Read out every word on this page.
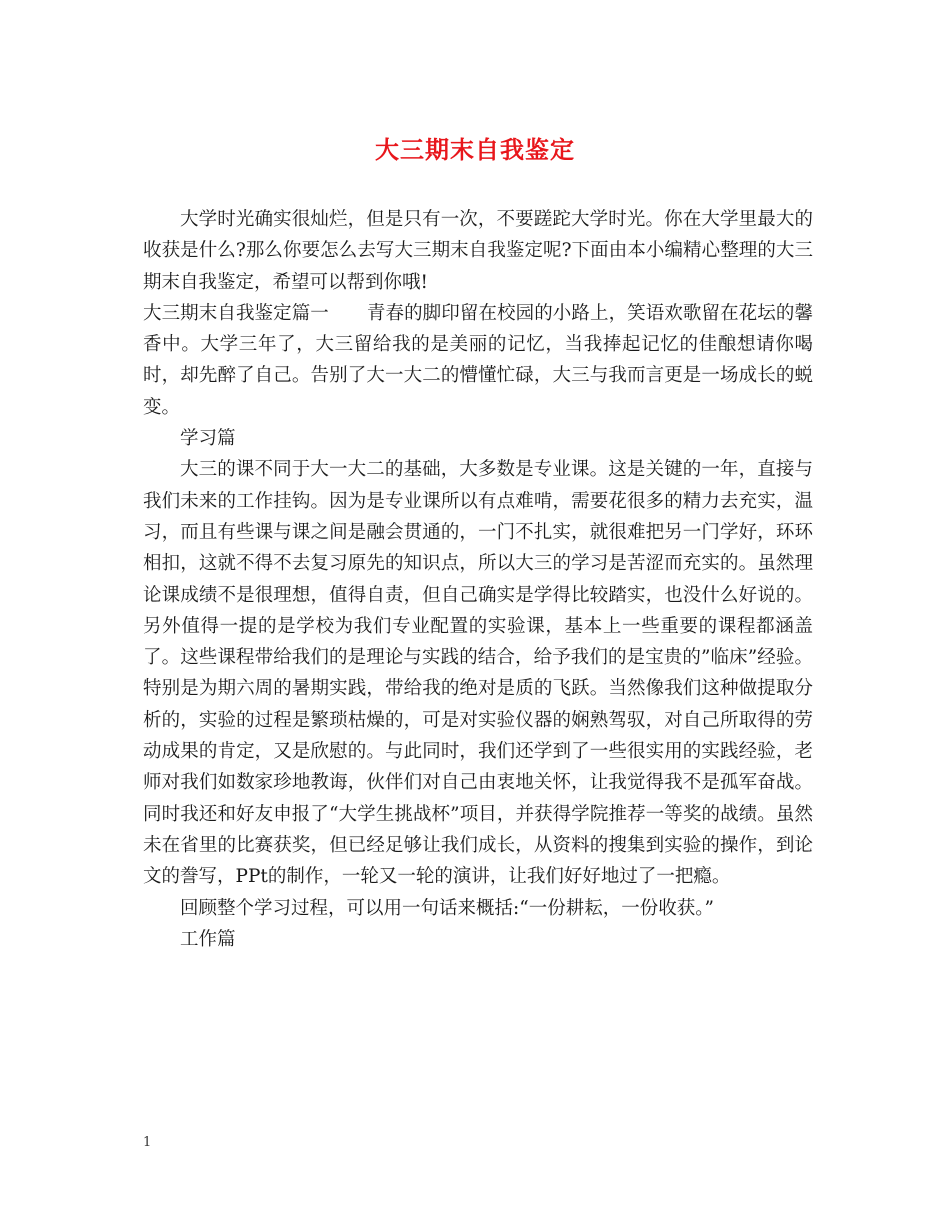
大三期末自我鉴定

大学时光确实很灿烂，但是只有一次，不要蹉跎大学时光。你在大学里最大的收获是什么?那么你要怎么去写大三期末自我鉴定呢?下面由本小编精心整理的大三期末自我鉴定，希望可以帮到你哦!

大三期末自我鉴定篇一 青春的脚印留在校园的小路上，笑语欢歌留在花坛的馨香中。大学三年了，大三留给我的是美丽的记忆，当我捧起记忆的佳酿想请你喝时，却先醉了自己。告别了大一大二的懵懂忙碌，大三与我而言更是一场成长的蜕变。

学习篇

大三的课不同于大一大二的基础，大多数是专业课。这是关键的一年，直接与我们未来的工作挂钩。因为是专业课所以有点难啃，需要花很多的精力去充实，温习，而且有些课与课之间是融会贯通的，一门不扎实，就很难把另一门学好，环环相扣，这就不得不去复习原先的知识点，所以大三的学习是苦涩而充实的。虽然理论课成绩不是很理想，值得自责，但自己确实是学得比较踏实，也没什么好说的。另外值得一提的是学校为我们专业配置的实验课，基本上一些重要的课程都涵盖了。这些课程带给我们的是理论与实践的结合，给予我们的是宝贵的”临床”经验。特别是为期六周的暑期实践，带给我的绝对是质的飞跃。当然像我们这种做提取分析的，实验的过程是繁琐枯燥的，可是对实验仪器的娴熟驾驭，对自己所取得的劳动成果的肯定，又是欣慰的。与此同时，我们还学到了一些很实用的实践经验，老师对我们如数家珍地教诲，伙伴们对自己由衷地关怀，让我觉得我不是孤军奋战。同时我还和好友申报了“大学生挑战杯”项目，并获得学院推荐一等奖的战绩。虽然未在省里的比赛获奖，但已经足够让我们成长，从资料的搜集到实验的操作，到论文的誊写，PPt的制作，一轮又一轮的演讲，让我们好好地过了一把瘾。

回顾整个学习过程，可以用一句话来概括:“一份耕耘，一份收获。”

工作篇

1
